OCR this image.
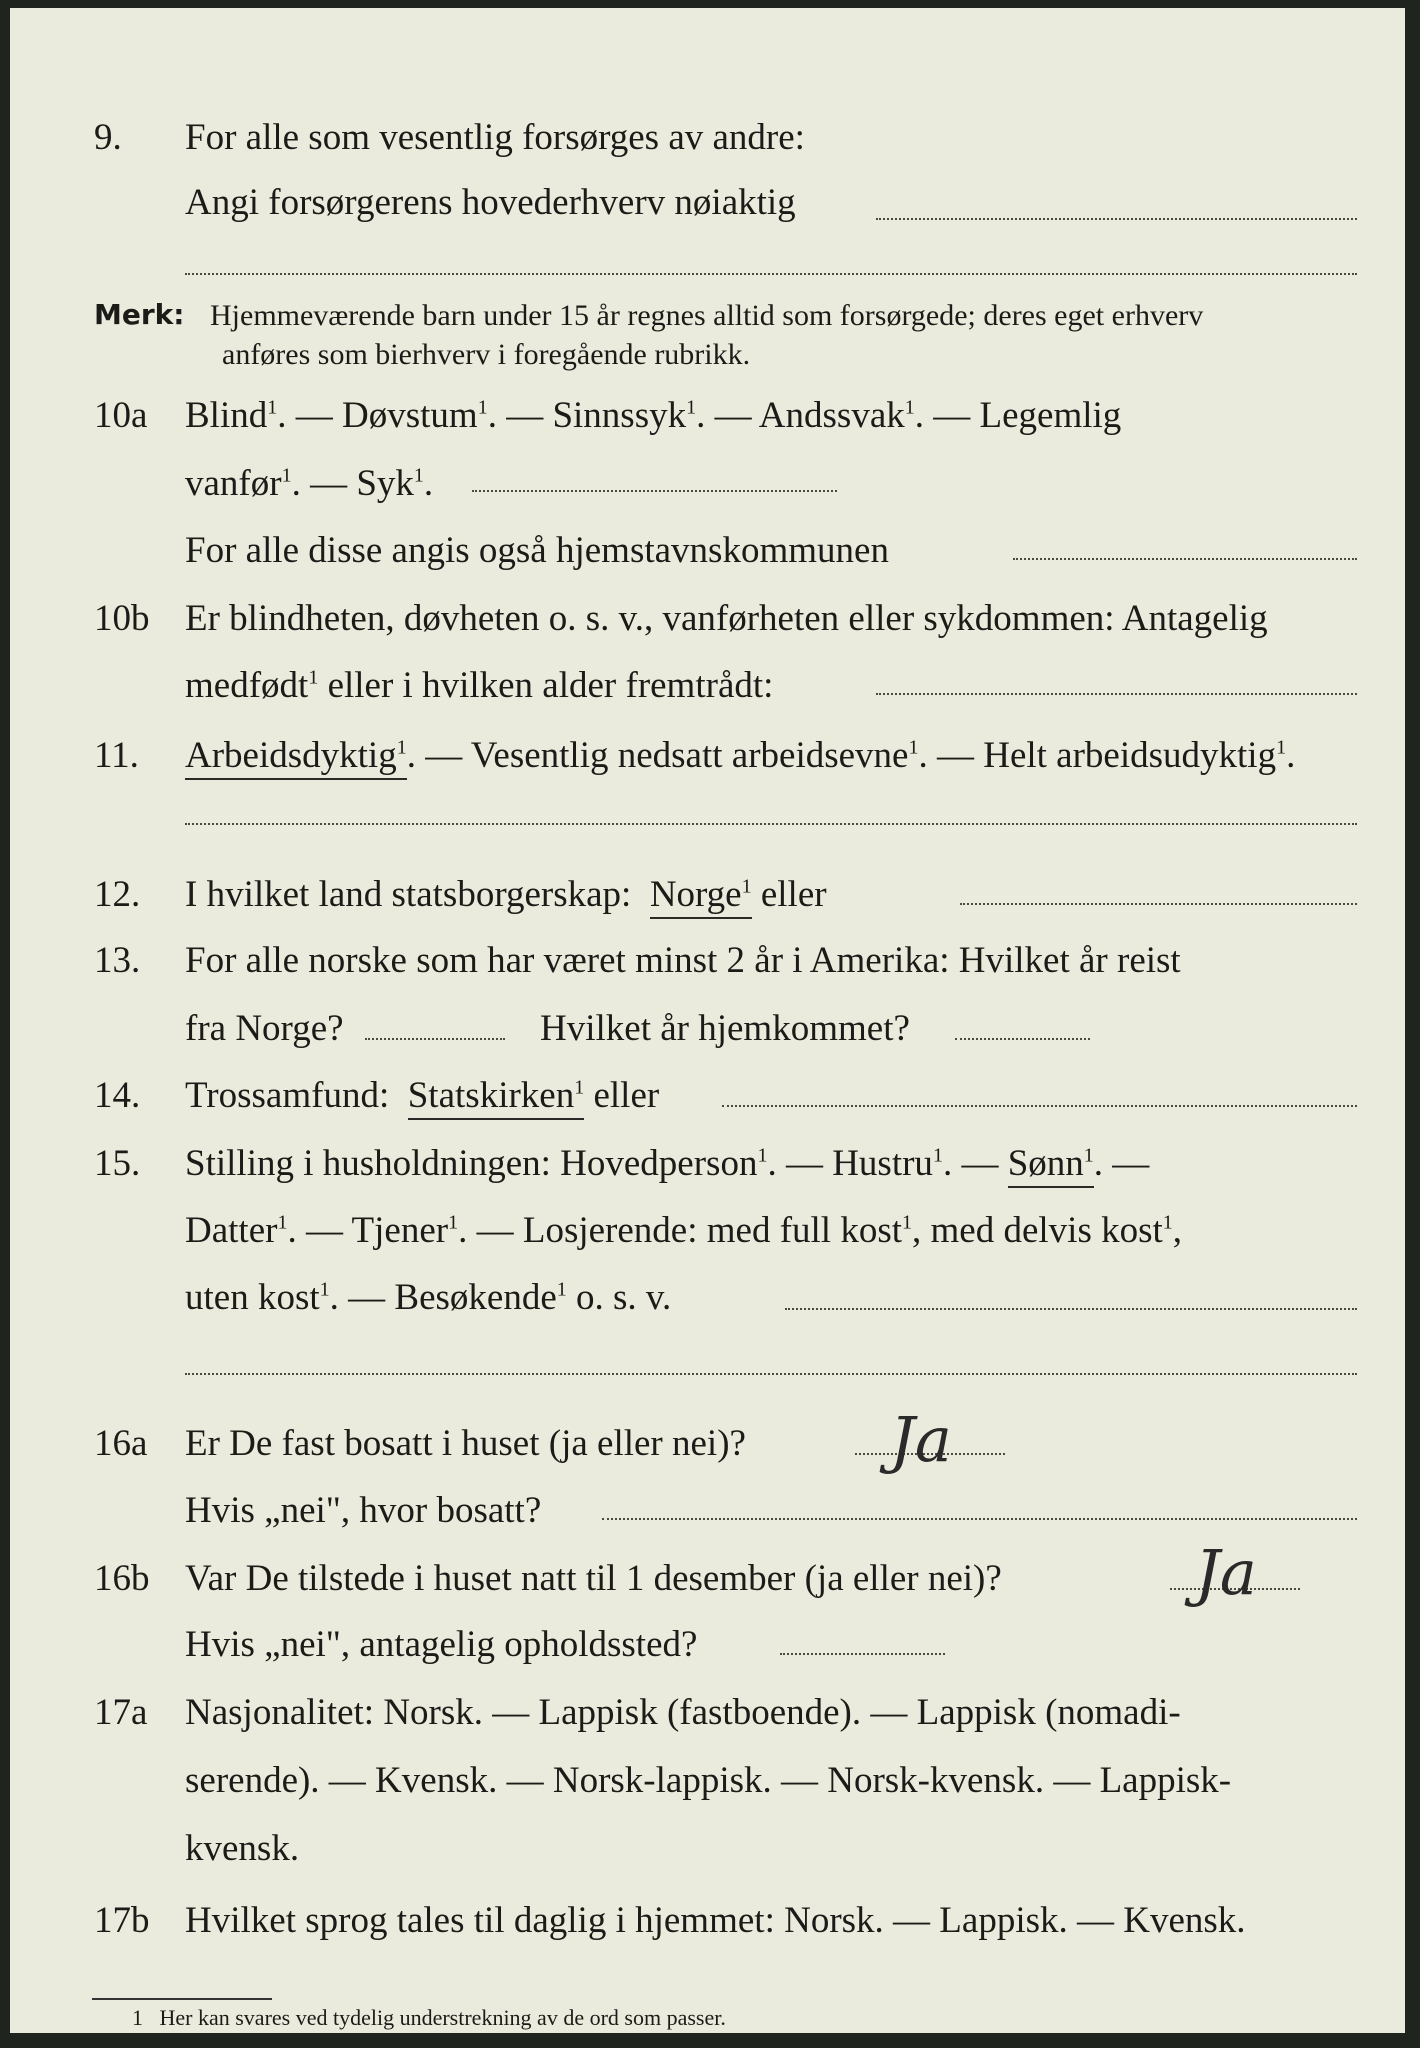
9. For alle som vesentlig forsørges av andre:
Angi forsørgerens hovederhverv nøiaktig
Merk: Hjemmeværende barn under 15 år regnes alltid som forsørgede; deres eget erhverv
anføres som bierhverv i foregående rubrikk.
10a Blind$^1$. — Døvstum$^1$. — Sinnssyk$^1$. — Andssvak$^1$. — Legemlig
vanfør$^1$. — Syk$^1$.
For alle disse angis også hjemstavnskommunen
10b Er blindheten, døvheten o. s. v., vanførheten eller sykdommen: Antagelig
medfødt$^1$ eller i hvilken alder fremtrådt:
11. Arbeidsdyktig$^1$. — Vesentlig nedsatt arbeidsevne$^1$. — Helt arbeidsudyktig$^1$.
12. I hvilket land statsborgerskap: Norge$^1$ eller
13. For alle norske som har været minst 2 år i Amerika: Hvilket år reist
fra Norge?	Hvilket år hjemkommet?
14. Trossamfund: Statskirken$^1$ eller
15. Stilling i husholdningen: Hovedperson$^1$. — Hustru$^1$. — Sønn$^1$. —
Datter$^1$. — Tjener$^1$. — Losjerende: med full kost$^1$, med delvis kost$^1$,
uten kost$^1$. — Besøkende$^1$ o. s. v.
16a Er De fast bosatt i huset (ja eller nei)? Ja
Hvis „nei", hvor bosatt?
16b Var De tilstede i huset natt til 1 desember (ja eller nei)?	Ja
Hvis „nei", antagelig opholdssted?
17a Nasjonalitet: Norsk. — Lappisk (fastboende). — Lappisk (nomadi-
serende). — Kvensk. — Norsk-lappisk. — Norsk-kvensk. — Lappisk-
kvensk.
17b Hvilket sprog tales til daglig i hjemmet: Norsk. — Lappisk. — Kvensk.
1 Her kan svares ved tydelig understrekning av de ord som passer.
